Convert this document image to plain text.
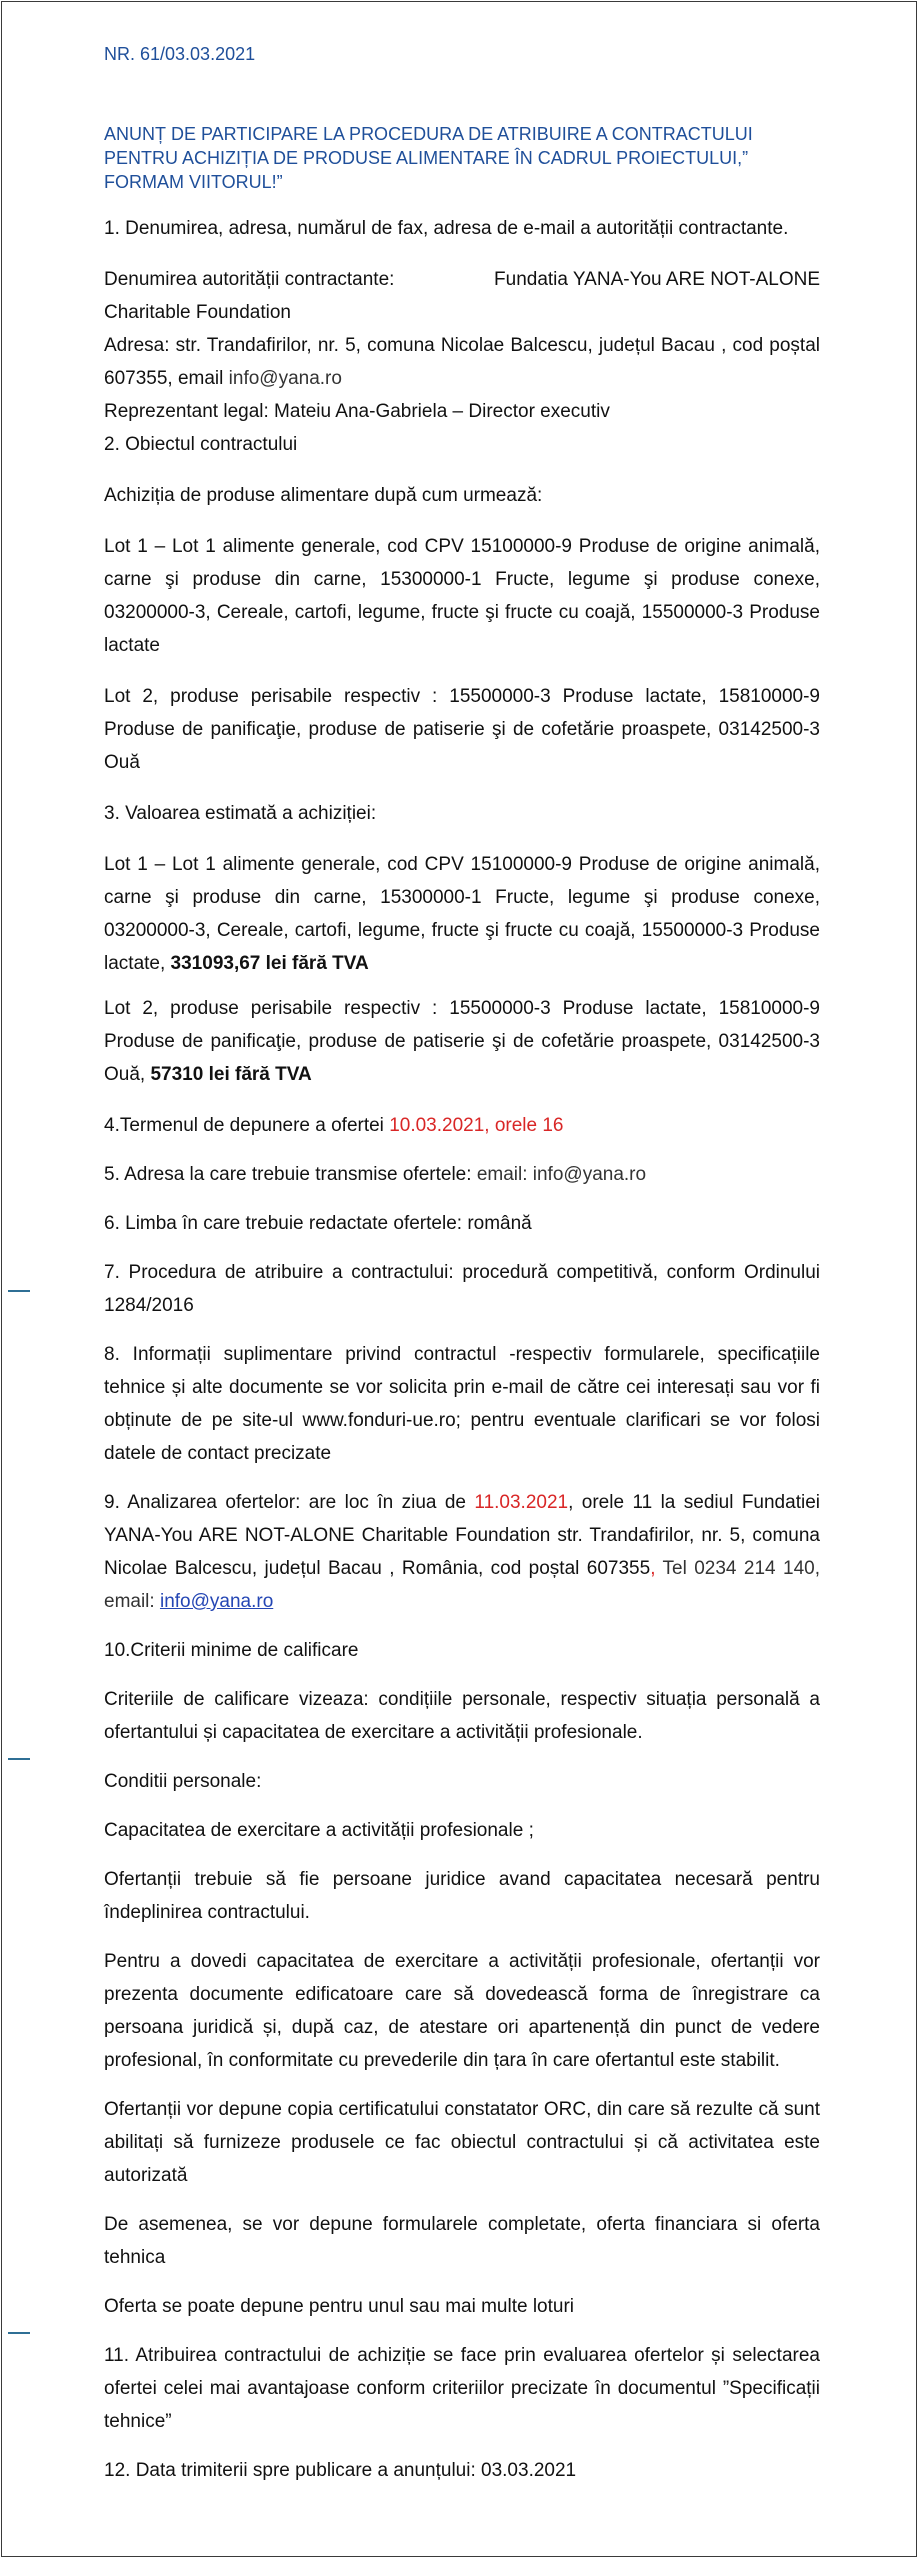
NR. 61/03.03.2021
ANUNȚ DE PARTICIPARE LA PROCEDURA DE ATRIBUIRE A CONTRACTULUI PENTRU ACHIZIȚIA DE PRODUSE ALIMENTARE ÎN CADRUL PROIECTULUI,” FORMAM VIITORUL!”

1. Denumirea, adresa, numărul de fax, adresa de e-mail a autorității contractante.

Denumirea autorității contractante:	Fundatia YANA-You ARE NOT-ALONE
Charitable Foundation

Adresa: str. Trandafirilor, nr. 5, comuna Nicolae Balcescu, județul Bacau , cod poștal 607355, email info@yana.ro

Reprezentant legal: Mateiu Ana-Gabriela – Director executiv

2. Obiectul contractului

Achiziția de produse alimentare după cum urmează:

Lot 1 – Lot 1 alimente generale, cod CPV 15100000-9 Produse de origine animală, carne şi produse din carne, 15300000-1 Fructe, legume şi produse conexe, 03200000-3, Cereale, cartofi, legume, fructe şi fructe cu coajă, 15500000-3 Produse lactate

Lot 2, produse perisabile respectiv : 15500000-3 Produse lactate, 15810000-9 Produse de panificaţie, produse de patiserie şi de cofetărie proaspete, 03142500-3 Ouă

3. Valoarea estimată a achiziției:

Lot 1 – Lot 1 alimente generale, cod CPV 15100000-9 Produse de origine animală, carne şi produse din carne, 15300000-1 Fructe, legume şi produse conexe, 03200000-3, Cereale, cartofi, legume, fructe şi fructe cu coajă, 15500000-3 Produse lactate, 331093,67 lei fără TVA

Lot 2, produse perisabile respectiv : 15500000-3 Produse lactate, 15810000-9 Produse de panificaţie, produse de patiserie şi de cofetărie proaspete, 03142500-3 Ouă, 57310 lei fără TVA

4.Termenul de depunere a ofertei 10.03.2021, orele 16

5. Adresa la care trebuie transmise ofertele: email: info@yana.ro

6. Limba în care trebuie redactate ofertele: română

7. Procedura de atribuire a contractului: procedură competitivă, conform Ordinului 1284/2016

8. Informații suplimentare privind contractul -respectiv formularele, specificațiile tehnice și alte documente se vor solicita prin e-mail de către cei interesați sau vor fi obținute de pe site-ul www.fonduri-ue.ro; pentru eventuale clarificari se vor folosi datele de contact precizate

9. Analizarea ofertelor: are loc în ziua de 11.03.2021, orele 11 la sediul Fundatiei YANA-You ARE NOT-ALONE Charitable Foundation str. Trandafirilor, nr. 5, comuna Nicolae Balcescu, județul Bacau , România, cod poștal 607355, Tel 0234 214 140, email: info@yana.ro

10.Criterii minime de calificare

Criteriile de calificare vizeaza: condițiile personale, respectiv situația personală a ofertantului și capacitatea de exercitare a activității profesionale.

Conditii personale:

Capacitatea de exercitare a activității profesionale ;

Ofertanții trebuie să fie persoane juridice avand capacitatea necesară pentru îndeplinirea contractului.

Pentru a dovedi capacitatea de exercitare a activității profesionale, ofertanții vor prezenta documente edificatoare care să dovedească forma de înregistrare ca persoana juridică și, după caz, de atestare ori apartenență din punct de vedere profesional, în conformitate cu prevederile din țara în care ofertantul este stabilit.

Ofertanții vor depune copia certificatului constatator ORC, din care să rezulte că sunt abilitați să furnizeze produsele ce fac obiectul contractului și că activitatea este autorizată

De asemenea, se vor depune formularele completate, oferta financiara si oferta tehnica

Oferta se poate depune pentru unul sau mai multe loturi

11. Atribuirea contractului de achiziție se face prin evaluarea ofertelor și selectarea ofertei celei mai avantajoase conform criteriilor precizate în documentul ”Specificații tehnice”

12. Data trimiterii spre publicare a anunțului: 03.03.2021
